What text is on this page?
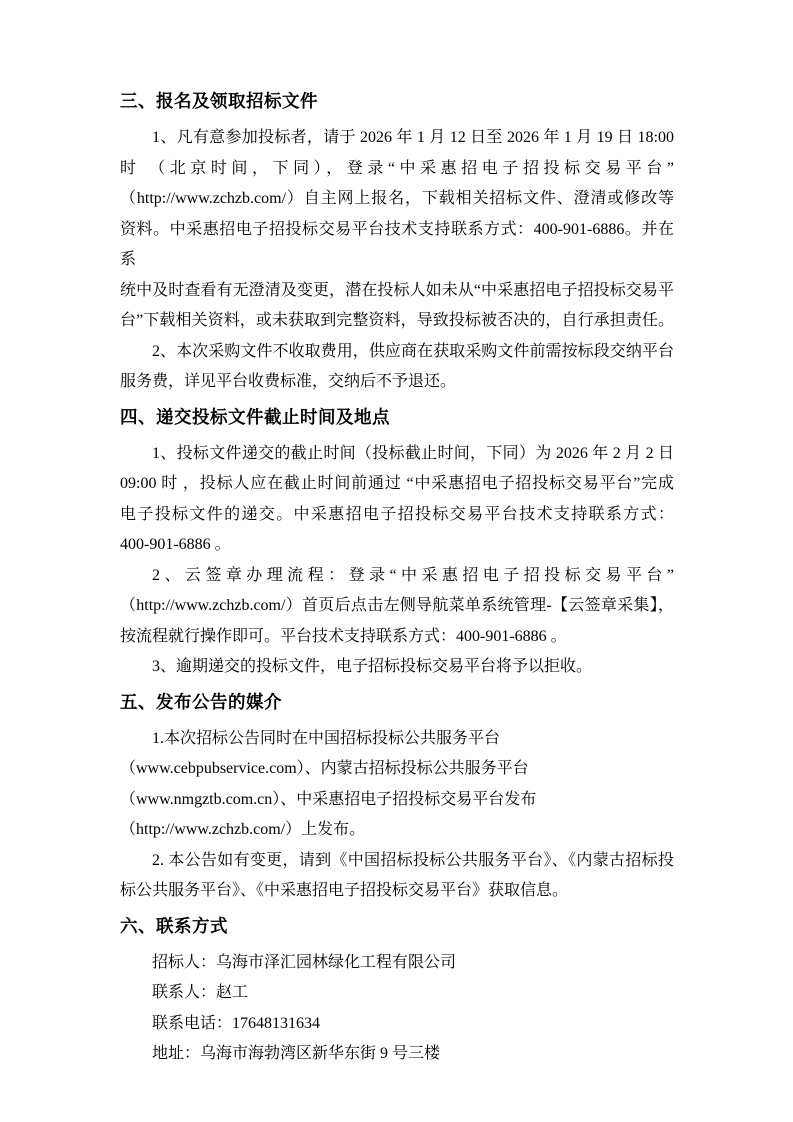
三、报名及领取招标文件

1、凡有意参加投标者，请于 2026 年 1 月 12 日至 2026 年 1 月 19 日 18:00
时 （北京时间，下同），登录“中采惠招电子招投标交易平台”
（http://www.zchzb.com/）自主网上报名，下载相关招标文件、澄清或修改等
资料。中采惠招电子招投标交易平台技术支持联系方式：400-901-6886。并在系
统中及时查看有无澄清及变更，潜在投标人如未从“中采惠招电子招投标交易平
台”下载相关资料，或未获取到完整资料，导致投标被否决的，自行承担责任。

2、本次采购文件不收取费用，供应商在获取采购文件前需按标段交纳平台
服务费，详见平台收费标准，交纳后不予退还。

四、递交投标文件截止时间及地点

1、投标文件递交的截止时间（投标截止时间，下同）为 2026 年 2 月 2 日
09:00 时 ，投标人应在截止时间前通过 “中采惠招电子招投标交易平台”完成
电子投标文件的递交。中采惠招电子招投标交易平台技术支持联系方式：
400-901-6886 。

2、云签章办理流程：登录“中采惠招电子招投标交易平台”
（http://www.zchzb.com/）首页后点击左侧导航菜单系统管理-【云签章采集】，
按流程就行操作即可。平台技术支持联系方式：400-901-6886 。

3、逾期递交的投标文件，电子招标投标交易平台将予以拒收。

五、发布公告的媒介

1.本次招标公告同时在中国招标投标公共服务平台
（www.cebpubservice.com）、内蒙古招标投标公共服务平台
（www.nmgztb.com.cn）、中采惠招电子招投标交易平台发布
（http://www.zchzb.com/）上发布。

2. 本公告如有变更，请到《中国招标投标公共服务平台》、《内蒙古招标投
标公共服务平台》、《中采惠招电子招投标交易平台》获取信息。

六、联系方式

招标人：乌海市泽汇园林绿化工程有限公司

联系人：赵工

联系电话：17648131634

地址：乌海市海勃湾区新华东街 9 号三楼
